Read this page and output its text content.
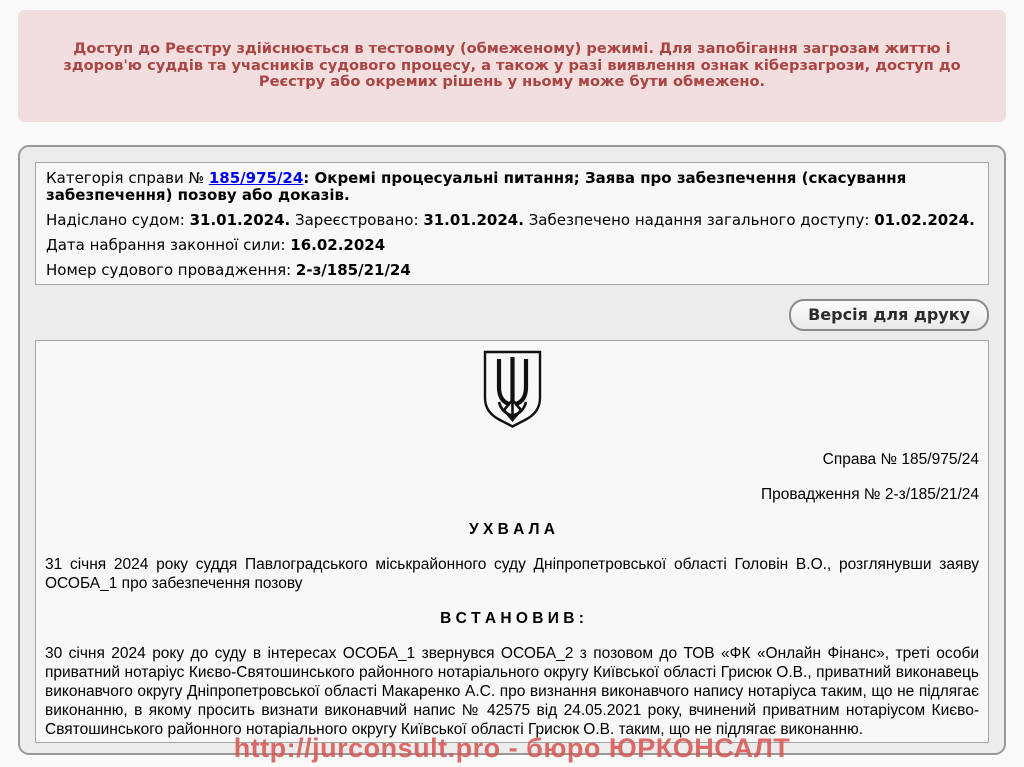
Доступ до Реєстру здійснюється в тестовому (обмеженому) режимі. Для запобігання загрозам життю і здоров'ю суддів та учасників судового процесу, а також у разі виявлення ознак кіберзагрози, доступ до Реєстру або окремих рішень у ньому може бути обмежено.

Категорія справи № 185/975/24: Окремі процесуальні питання; Заява про забезпечення (скасування забезпечення) позову або доказів.

Надіслано судом: 31.01.2024. Зареєстровано: 31.01.2024. Забезпечено надання загального доступу: 01.02.2024.

Дата набрання законної сили: 16.02.2024

Номер судового провадження: 2-з/185/21/24

Версія для друку

Справа № 185/975/24

Провадження № 2-з/185/21/24

У Х В А Л А

31 січня 2024 року суддя Павлоградського міськрайонного суду Дніпропетровської області Головін В.О., розглянувши заяву ОСОБА_1 про забезпечення позову

В С Т А Н О В И В :

30 січня 2024 року до суду в інтересах ОСОБА_1 звернувся ОСОБА_2 з позовом до ТОВ «ФК «Онлайн Фінанс», треті особи приватний нотаріус Києво-Святошинського районного нотаріального округу Київської області Грисюк О.В., приватний виконавець виконавчого округу Дніпропетровської області Макаренко А.С. про визнання виконавчого напису нотаріуса таким, що не підлягає виконанню, в якому просить визнати виконавчий напис № 42575 від 24.05.2021 року, вчинений приватним нотаріусом Києво-Святошинського районного нотаріального округу Київської області Грисюк О.В. таким, що не підлягає виконанню.

http://jurconsult.pro - бюро ЮРКОНСАЛТ
